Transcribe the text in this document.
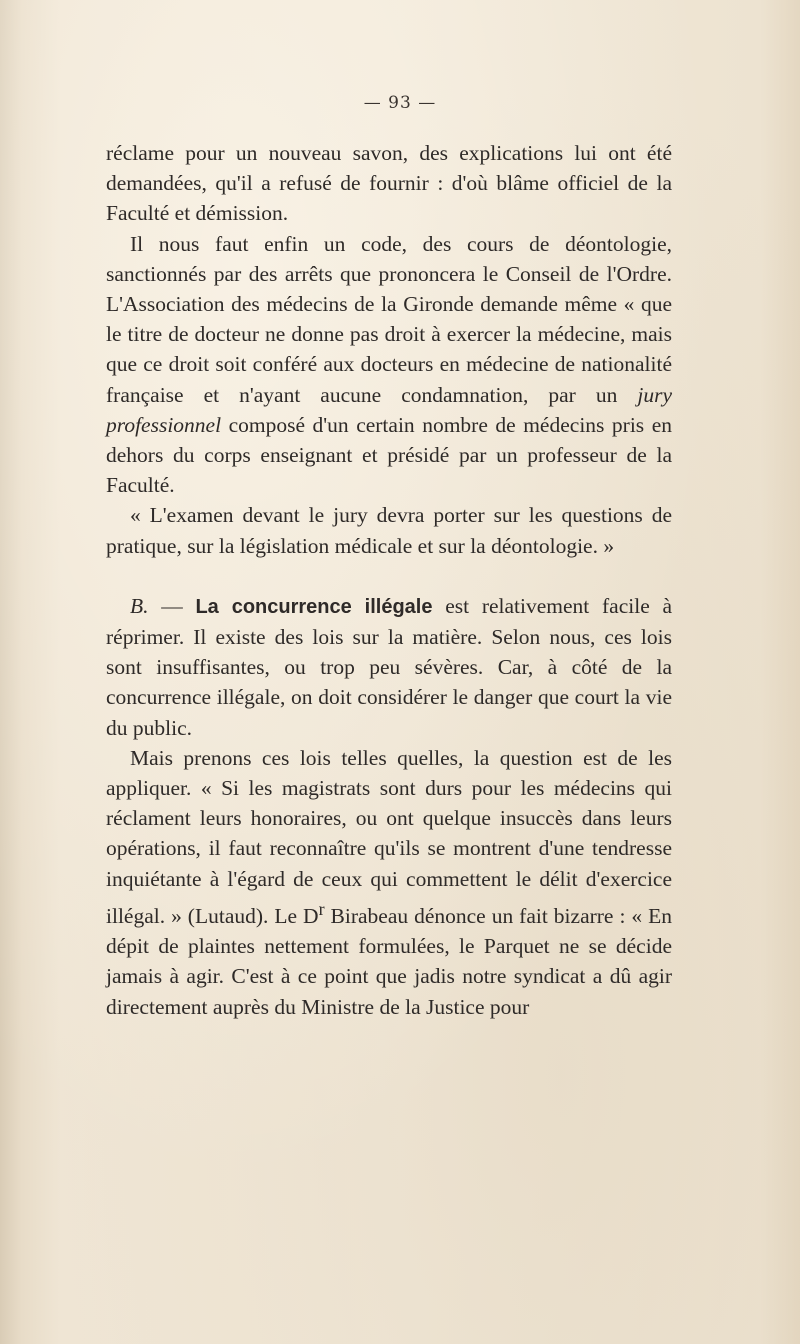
— 93 —

réclame pour un nouveau savon, des explications lui ont été demandées, qu'il a refusé de fournir : d'où blâme officiel de la Faculté et démission.

Il nous faut enfin un code, des cours de déontologie, sanctionnés par des arrêts que prononcera le Conseil de l'Ordre. L'Association des médecins de la Gironde demande même « que le titre de docteur ne donne pas droit à exercer la médecine, mais que ce droit soit conféré aux docteurs en médecine de nationalité française et n'ayant aucune condamnation, par un jury professionnel composé d'un certain nombre de médecins pris en dehors du corps enseignant et présidé par un professeur de la Faculté.

« L'examen devant le jury devra porter sur les questions de pratique, sur la législation médicale et sur la déontologie. »

B. — La concurrence illégale est relativement facile à réprimer. Il existe des lois sur la matière. Selon nous, ces lois sont insuffisantes, ou trop peu sévères. Car, à côté de la concurrence illégale, on doit considérer le danger que court la vie du public.

Mais prenons ces lois telles quelles, la question est de les appliquer. « Si les magistrats sont durs pour les médecins qui réclament leurs honoraires, ou ont quelque insuccès dans leurs opérations, il faut reconnaître qu'ils se montrent d'une tendresse inquiétante à l'égard de ceux qui commettent le délit d'exercice illégal. » (Lutaud). Le $D^r$ Birabeau dénonce un fait bizarre : « En dépit de plaintes nettement formulées, le Parquet ne se décide jamais à agir. C'est à ce point que jadis notre syndicat a dû agir directement auprès du Ministre de la Justice pour
